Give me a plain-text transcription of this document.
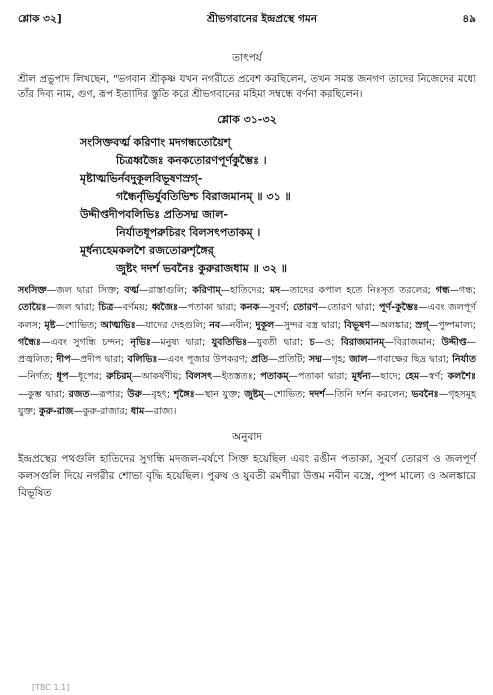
শ্লোক ৩২]	শ্রীভগবানের ইন্দ্রপ্রস্থে গমন	৪৯
তাৎপর্য
শ্রীল প্রভুপাদ লিখছেন, "ভগবান শ্রীকৃষ্ণ যখন নগরীতে প্রবেশ করছিলেন, তখন সমস্ত জনগণ তাদের নিজেদের মধ্যে তাঁর দিব্য নাম, গুণ, রূপ ইত্যাদির স্তুতি করে শ্রীভগবানের মহিমা সম্বন্ধে বর্ণনা করছিলেন।
শ্লোক ৩১-৩২
সংসিক্তবর্ত্ম করিণাং মদগন্ধতোয়ৈশ্
চিত্রধ্বজৈঃ কনকতোরণপূর্ণকুম্ভৈঃ ।
মৃষ্টাত্মভির্নবদুকূলবিভূষণস্রগ্-
গন্ধৈর্নৃভির্যুবতিভিশ্চ বিরাজমানম্ ॥ ৩১ ॥
উদ্দীপ্তদীপবলিভিঃ প্রতিসদ্ম জাল-
নির্যাতধূপরুচিরং বিলসৎপতাকম্ ।
মূর্ধন্যহেমকলশৈ রজতোরুশৃঙ্গৈর্
জুষ্টং দদর্শ ভবনৈঃ কুরুরাজধাম ॥ ৩২ ॥
সংসিক্ত—জল দ্বারা সিক্ত; বর্ত্ম—রাস্তাগুলি; করিণাম্—হাতিদের; মদ—তাদের কপাল হতে নিঃসৃত তরলের; গন্ধ—গন্ধ; তোয়ৈঃ—জল দ্বারা; চিত্র—বর্ণময়; ধ্বজৈঃ—পতাকা দ্বারা; কনক—সুবর্ণ; তোরণ—তোরণ দ্বারা; পূর্ণ-কুম্ভৈঃ—এবং জলপূর্ণ কলস; মৃষ্ট—শোভিত; আত্মভিঃ—যাদের দেহগুলি; নব—নবীন; দুকূল—সুন্দর বস্ত্র দ্বারা; বিভূষণ—অলঙ্কার; স্রগ্—পুষ্পমাল্য; গন্ধৈঃ—এবং সুগন্ধি চন্দন; নৃভিঃ—মনুষ্য দ্বারা; যুবতিভিঃ—যুবতী দ্বারা; চ—ও; বিরাজমানম্—বিরাজমান; উদ্দীপ্ত—প্রজ্বলিত; দীপ—প্রদীপ দ্বারা; বলিভিঃ—এবং পূজার উপকরণ; প্রতি—প্রতিটি; সদ্ম—গৃহ; জাল—গবাক্ষের ছিদ্র দ্বারা; নির্যাত—নির্গত; ধূপ—ধূপের; রুচিরম্—আকর্ষণীয়; বিলসৎ—ইতস্ততঃ; পতাকম্—পতাকা দ্বারা; মূর্ধন্য—ছাদে; হেম—স্বর্ণ; কলশৈঃ—কুম্ভ দ্বারা; রজত—রূপার; উরু—বৃহৎ; শৃঙ্গৈঃ—স্থান যুক্ত; জুষ্টম্—শোভিত; দদর্শ—তিনি দর্শন করলেন; ভবনৈঃ—গৃহসমূহ যুক্ত; কুরু-রাজ—কুরু-রাজার; ধাম—রাজ্য।
অনুবাদ
ইন্দ্রপ্রস্থের পথগুলি হাতিদের সুগন্ধি মদজল-বর্ষণে সিক্ত হয়েছিল এবং রঙীন পতাকা, সুবর্ণ তোরণ ও জলপূর্ণ কলসগুলি দিয়ে নগরীর শোভা বৃদ্ধি হয়েছিল। পুরুষ ও যুবতী রমণীরা উত্তম নবীন বস্ত্রে, পুষ্প মাল্যে ও অলঙ্কারে বিভূষিত
[TBC 1.1]
